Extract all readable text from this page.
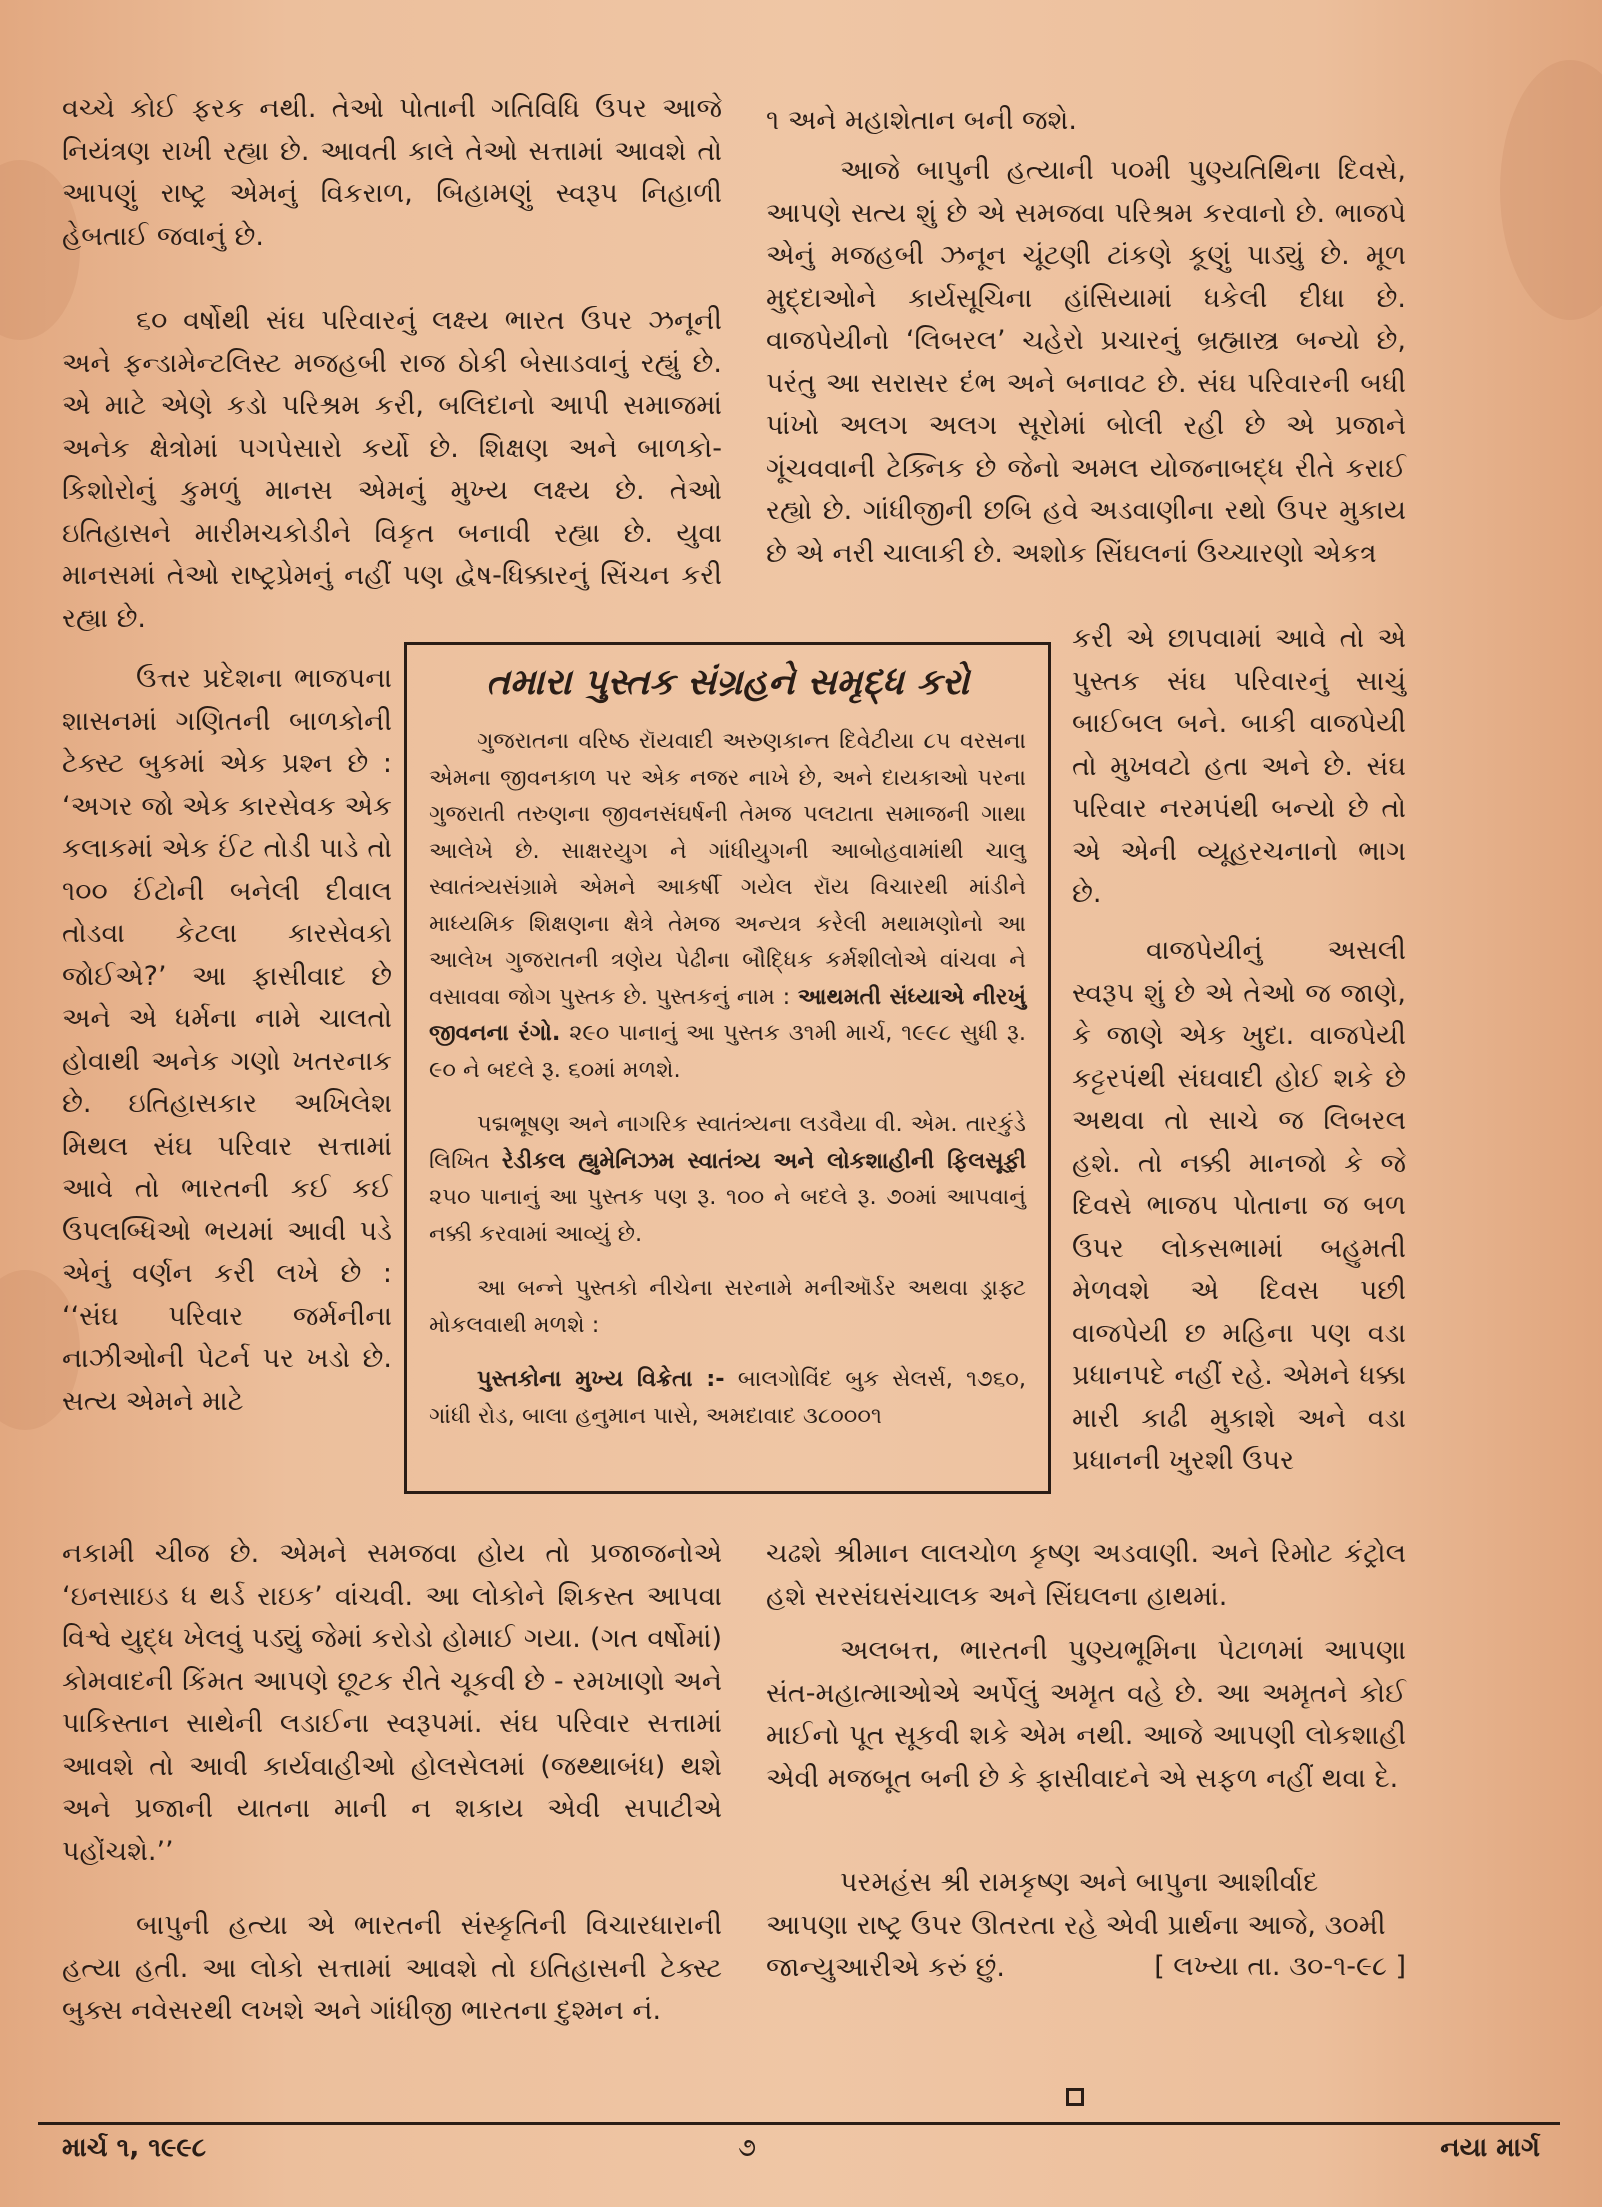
વચ્ચે કોઈ ફરક નથી. તેઓ પોતાની ગતિવિધિ ઉપર આજે નિયંત્રણ રાખી રહ્યા છે. આવતી કાલે તેઓ સત્તામાં આવશે તો આપણું રાષ્ટ્ર એમનું વિકરાળ, બિહામણું સ્વરૂપ નિહાળી હેબતાઈ જવાનું છે.

૬૦ વર્ષોથી સંઘ પરિવારનું લક્ષ્ય ભારત ઉપર ઝનૂની અને ફન્ડામેન્ટલિસ્ટ મજહબી રાજ ઠોકી બેસાડવાનું રહ્યું છે. એ માટે એણે કડો પરિશ્રમ કરી, બલિદાનો આપી સમાજમાં અનેક ક્ષેત્રોમાં પગપેસારો કર્યો છે. શિક્ષણ અને બાળકો-કિશોરોનું કુમળું માનસ એમનું મુખ્ય લક્ષ્ય છે. તેઓ ઇતિહાસને મારીમચકોડીને વિકૃત બનાવી રહ્યા છે. યુવા માનસમાં તેઓ રાષ્ટ્રપ્રેમનું નહીં પણ દ્વેષ-ધિક્કારનું સિંચન કરી રહ્યા છે.

ઉત્તર પ્રદેશના ભાજપના શાસનમાં ગણિતની બાળકોની ટેક્સ્ટ બુકમાં એક પ્રશ્ન છે : ‘અગર જો એક કારસેવક એક કલાકમાં એક ઈંટ તોડી પાડે તો ૧૦૦ ઈંટોની બનેલી દીવાલ તોડવા કેટલા કારસેવકો જોઈએ?’ આ ફાસીવાદ છે અને એ ધર્મના નામે ચાલતો હોવાથી અનેક ગણો ખતરનાક છે. ઇતિહાસકાર અખિલેશ મિથલ સંઘ પરિવાર સત્તામાં આવે તો ભારતની કઈ કઈ ઉપલબ્ધિઓ ભયમાં આવી પડે એનું વર્ણન કરી લખે છે : ‘‘સંઘ પરિવાર જર્મનીના નાઝીઓની પેટર્ન પર ખડો છે. સત્ય એમને માટે

નકામી ચીજ છે. એમને સમજવા હોય તો પ્રજાજનોએ ‘ઇનસાઇડ ધ થર્ડ રાઇક’ વાંચવી. આ લોકોને શિકસ્ત આપવા વિશ્વે યુદ્ધ ખેલવું પડ્યું જેમાં કરોડો હોમાઈ ગયા. (ગત વર્ષોમાં) કોમવાદની કિંમત આપણે છૂટક રીતે ચૂકવી છે - રમખાણો અને પાકિસ્તાન સાથેની લડાઈના સ્વરૂપમાં. સંઘ પરિવાર સત્તામાં આવશે તો આવી કાર્યવાહીઓ હોલસેલમાં (જથ્થાબંધ) થશે અને પ્રજાની યાતના માની ન શકાય એવી સપાટીએ પહોંચશે.’’

બાપુની હત્યા એ ભારતની સંસ્કૃતિની વિચારધારાની હત્યા હતી. આ લોકો સત્તામાં આવશે તો ઇતિહાસની ટેક્સ્ટ બુક્સ નવેસરથી લખશે અને ગાંધીજી ભારતના દુશ્મન નં.

૧ અને મહાશેતાન બની જશે.

આજે બાપુની હત્યાની ૫૦મી પુણ્યતિથિના દિવસે, આપણે સત્ય શું છે એ સમજવા પરિશ્રમ કરવાનો છે. ભાજપે એનું મજહબી ઝનૂન ચૂંટણી ટાંકણે કૂણું પાડ્યું છે. મૂળ મુદ્દાઓને કાર્યસૂચિના હાંસિયામાં ધકેલી દીધા છે. વાજપેયીનો ‘લિબરલ’ ચહેરો પ્રચારનું બ્રહ્માસ્ત્ર બન્યો છે, પરંતુ આ સરાસર દંભ અને બનાવટ છે. સંઘ પરિવારની બધી પાંખો અલગ અલગ સૂરોમાં બોલી રહી છે એ પ્રજાને ગૂંચવવાની ટેક્નિક છે જેનો અમલ યોજનાબદ્ધ રીતે કરાઈ રહ્યો છે. ગાંધીજીની છબિ હવે અડવાણીના રથો ઉપર મુકાય છે એ નરી ચાલાકી છે. અશોક સિંઘલનાં ઉચ્ચારણો એકત્ર

કરી એ છાપવામાં આવે તો એ પુસ્તક સંઘ પરિવારનું સાચું બાઈબલ બને. બાકી વાજપેયી તો મુખવટો હતા અને છે. સંઘ પરિવાર નરમપંથી બન્યો છે તો એ એની વ્યૂહરચનાનો ભાગ છે.

વાજપેયીનું અસલી સ્વરૂપ શું છે એ તેઓ જ જાણે, કે જાણે એક ખુદા. વાજપેયી કટ્ટરપંથી સંઘવાદી હોઈ શકે છે અથવા તો સાચે જ લિબરલ હશે. તો નક્કી માનજો કે જે દિવસે ભાજપ પોતાના જ બળ ઉપર લોકસભામાં બહુમતી મેળવશે એ દિવસ પછી વાજપેયી છ મહિના પણ વડા પ્રધાનપદે નહીં રહે. એમને ધક્કા મારી કાઢી મુકાશે અને વડા પ્રધાનની ખુરશી ઉપર

ચઢશે શ્રીમાન લાલચોળ કૃષ્ણ અડવાણી. અને રિમોટ કંટ્રોલ હશે સરસંઘસંચાલક અને સિંઘલના હાથમાં.

અલબત્ત, ભારતની પુણ્યભૂમિના પેટાળમાં આપણા સંત-મહાત્માઓએ અર્પેલું અમૃત વહે છે. આ અમૃતને કોઈ માઈનો પૂત સૂકવી શકે એમ નથી. આજે આપણી લોકશાહી એવી મજબૂત બની છે કે ફાસીવાદને એ સફળ નહીં થવા દે.

પરમહંસ શ્રી રામકૃષ્ણ અને બાપુના આશીર્વાદ આપણા રાષ્ટ્ર ઉપર ઊતરતા રહે એવી પ્રાર્થના આજે, ૩૦મી જાન્યુઆરીએ કરું છું.	[ લખ્યા તા. ૩૦-૧-૯૮ ]
તમારા પુસ્તક સંગ્રહને સમૃદ્ધ કરો

ગુજરાતના વરિષ્ઠ રૉયવાદી અરુણકાન્ત દિવેટીયા ૮૫ વરસના એમના જીવનકાળ પર એક નજર નાખે છે, અને દાયકાઓ પરના ગુજરાતી તરુણના જીવનસંઘર્ષની તેમજ પલટાતા સમાજની ગાથા આલેખે છે. સાક્ષરયુગ ને ગાંધીયુગની આબોહવામાંથી ચાલુ સ્વાતંત્ર્યસંગ્રામે એમને આકર્ષી ગયેલ રૉય વિચારથી માંડીને માધ્યમિક શિક્ષણના ક્ષેત્રે તેમજ અન્યત્ર કરેલી મથામણોનો આ આલેખ ગુજરાતની ત્રણેય પેઢીના બૌદ્ધિક કર્મશીલોએ વાંચવા ને વસાવવા જોગ પુસ્તક છે. પુસ્તકનું નામ : આથમતી સંધ્યાએ નીરખું જીવનના રંગો. ૨૯૦ પાનાનું આ પુસ્તક ૩૧મી માર્ચ, ૧૯૯૮ સુધી રૂ. ૯૦ ને બદલે રૂ. ૬૦માં મળશે.

પદ્મભૂષણ અને નાગરિક સ્વાતંત્ર્યના લડવૈયા વી. એમ. તારકુંડે લિખિત રેડીકલ હ્યુમેનિઝમ સ્વાતંત્ર્ય અને લોકશાહીની ફિલસૂફી ૨૫૦ પાનાનું આ પુસ્તક પણ રૂ. ૧૦૦ ને બદલે રૂ. ૭૦માં આપવાનું નક્કી કરવામાં આવ્યું છે.

આ બન્ને પુસ્તકો નીચેના સરનામે મનીઑર્ડર અથવા ડ્રાફ્ટ મોકલવાથી મળશે :

પુસ્તકોના મુખ્ય વિક્રેતા :- બાલગોવિંદ બુક સેલર્સ, ૧૭૬૦, ગાંધી રોડ, બાલા હનુમાન પાસે, અમદાવાદ ૩૮૦૦૦૧

માર્ચ ૧, ૧૯૯૮	૭	નયા માર્ગ
